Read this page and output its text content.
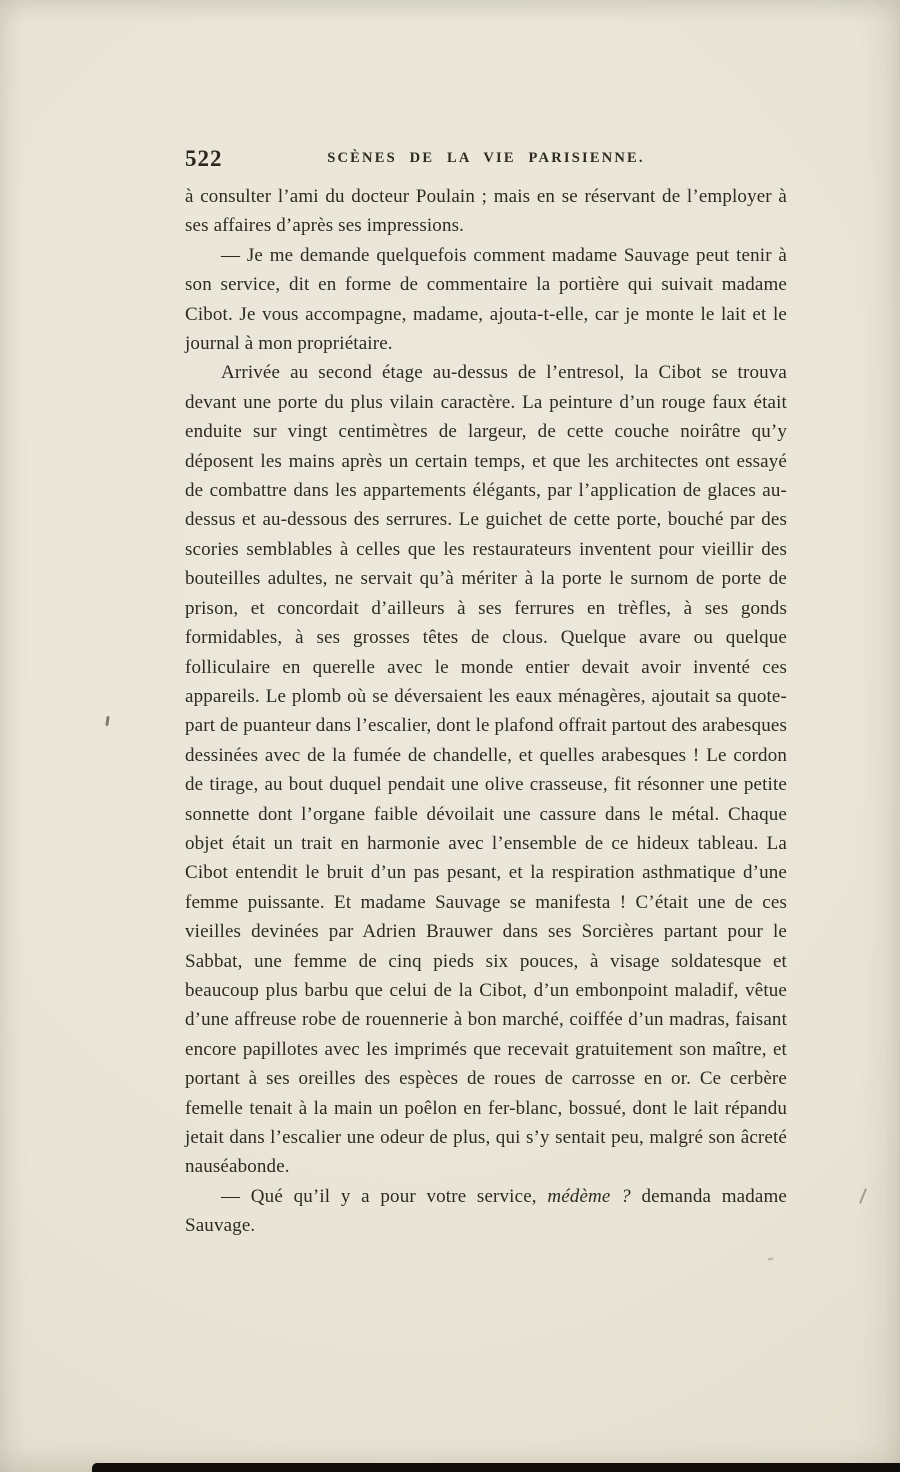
522	SCÈNES DE LA VIE PARISIENNE.

à consulter l’ami du docteur Poulain ; mais en se réservant de l’employer à ses affaires d’après ses impressions.

— Je me demande quelquefois comment madame Sauvage peut tenir à son service, dit en forme de commentaire la portière qui suivait madame Cibot. Je vous accompagne, madame, ajouta-t-elle, car je monte le lait et le journal à mon propriétaire.

Arrivée au second étage au-dessus de l’entresol, la Cibot se trouva devant une porte du plus vilain caractère. La peinture d’un rouge faux était enduite sur vingt centimètres de largeur, de cette couche noirâtre qu’y déposent les mains après un certain temps, et que les architectes ont essayé de combattre dans les appartements élégants, par l’application de glaces au-dessus et au-dessous des serrures. Le guichet de cette porte, bouché par des scories semblables à celles que les restaurateurs inventent pour vieillir des bouteilles adultes, ne servait qu’à mériter à la porte le surnom de porte de prison, et concordait d’ailleurs à ses ferrures en trèfles, à ses gonds formidables, à ses grosses têtes de clous. Quelque avare ou quelque folliculaire en querelle avec le monde entier devait avoir inventé ces appareils. Le plomb où se déversaient les eaux ménagères, ajoutait sa quote-part de puanteur dans l’escalier, dont le plafond offrait partout des arabesques dessinées avec de la fumée de chandelle, et quelles arabesques ! Le cordon de tirage, au bout duquel pendait une olive crasseuse, fit résonner une petite sonnette dont l’organe faible dévoilait une cassure dans le métal. Chaque objet était un trait en harmonie avec l’ensemble de ce hideux tableau. La Cibot entendit le bruit d’un pas pesant, et la respiration asthmatique d’une femme puissante. Et madame Sauvage se manifesta ! C’était une de ces vieilles devinées par Adrien Brauwer dans ses Sorcières partant pour le Sabbat, une femme de cinq pieds six pouces, à visage soldatesque et beaucoup plus barbu que celui de la Cibot, d’un embonpoint maladif, vêtue d’une affreuse robe de rouennerie à bon marché, coiffée d’un madras, faisant encore papillotes avec les imprimés que recevait gratuitement son maître, et portant à ses oreilles des espèces de roues de carrosse en or. Ce cerbère femelle tenait à la main un poêlon en fer-blanc, bossué, dont le lait répandu jetait dans l’escalier une odeur de plus, qui s’y sentait peu, malgré son âcreté nauséabonde.

— Qué qu’il y a pour votre service, médème ? demanda madame Sauvage.
